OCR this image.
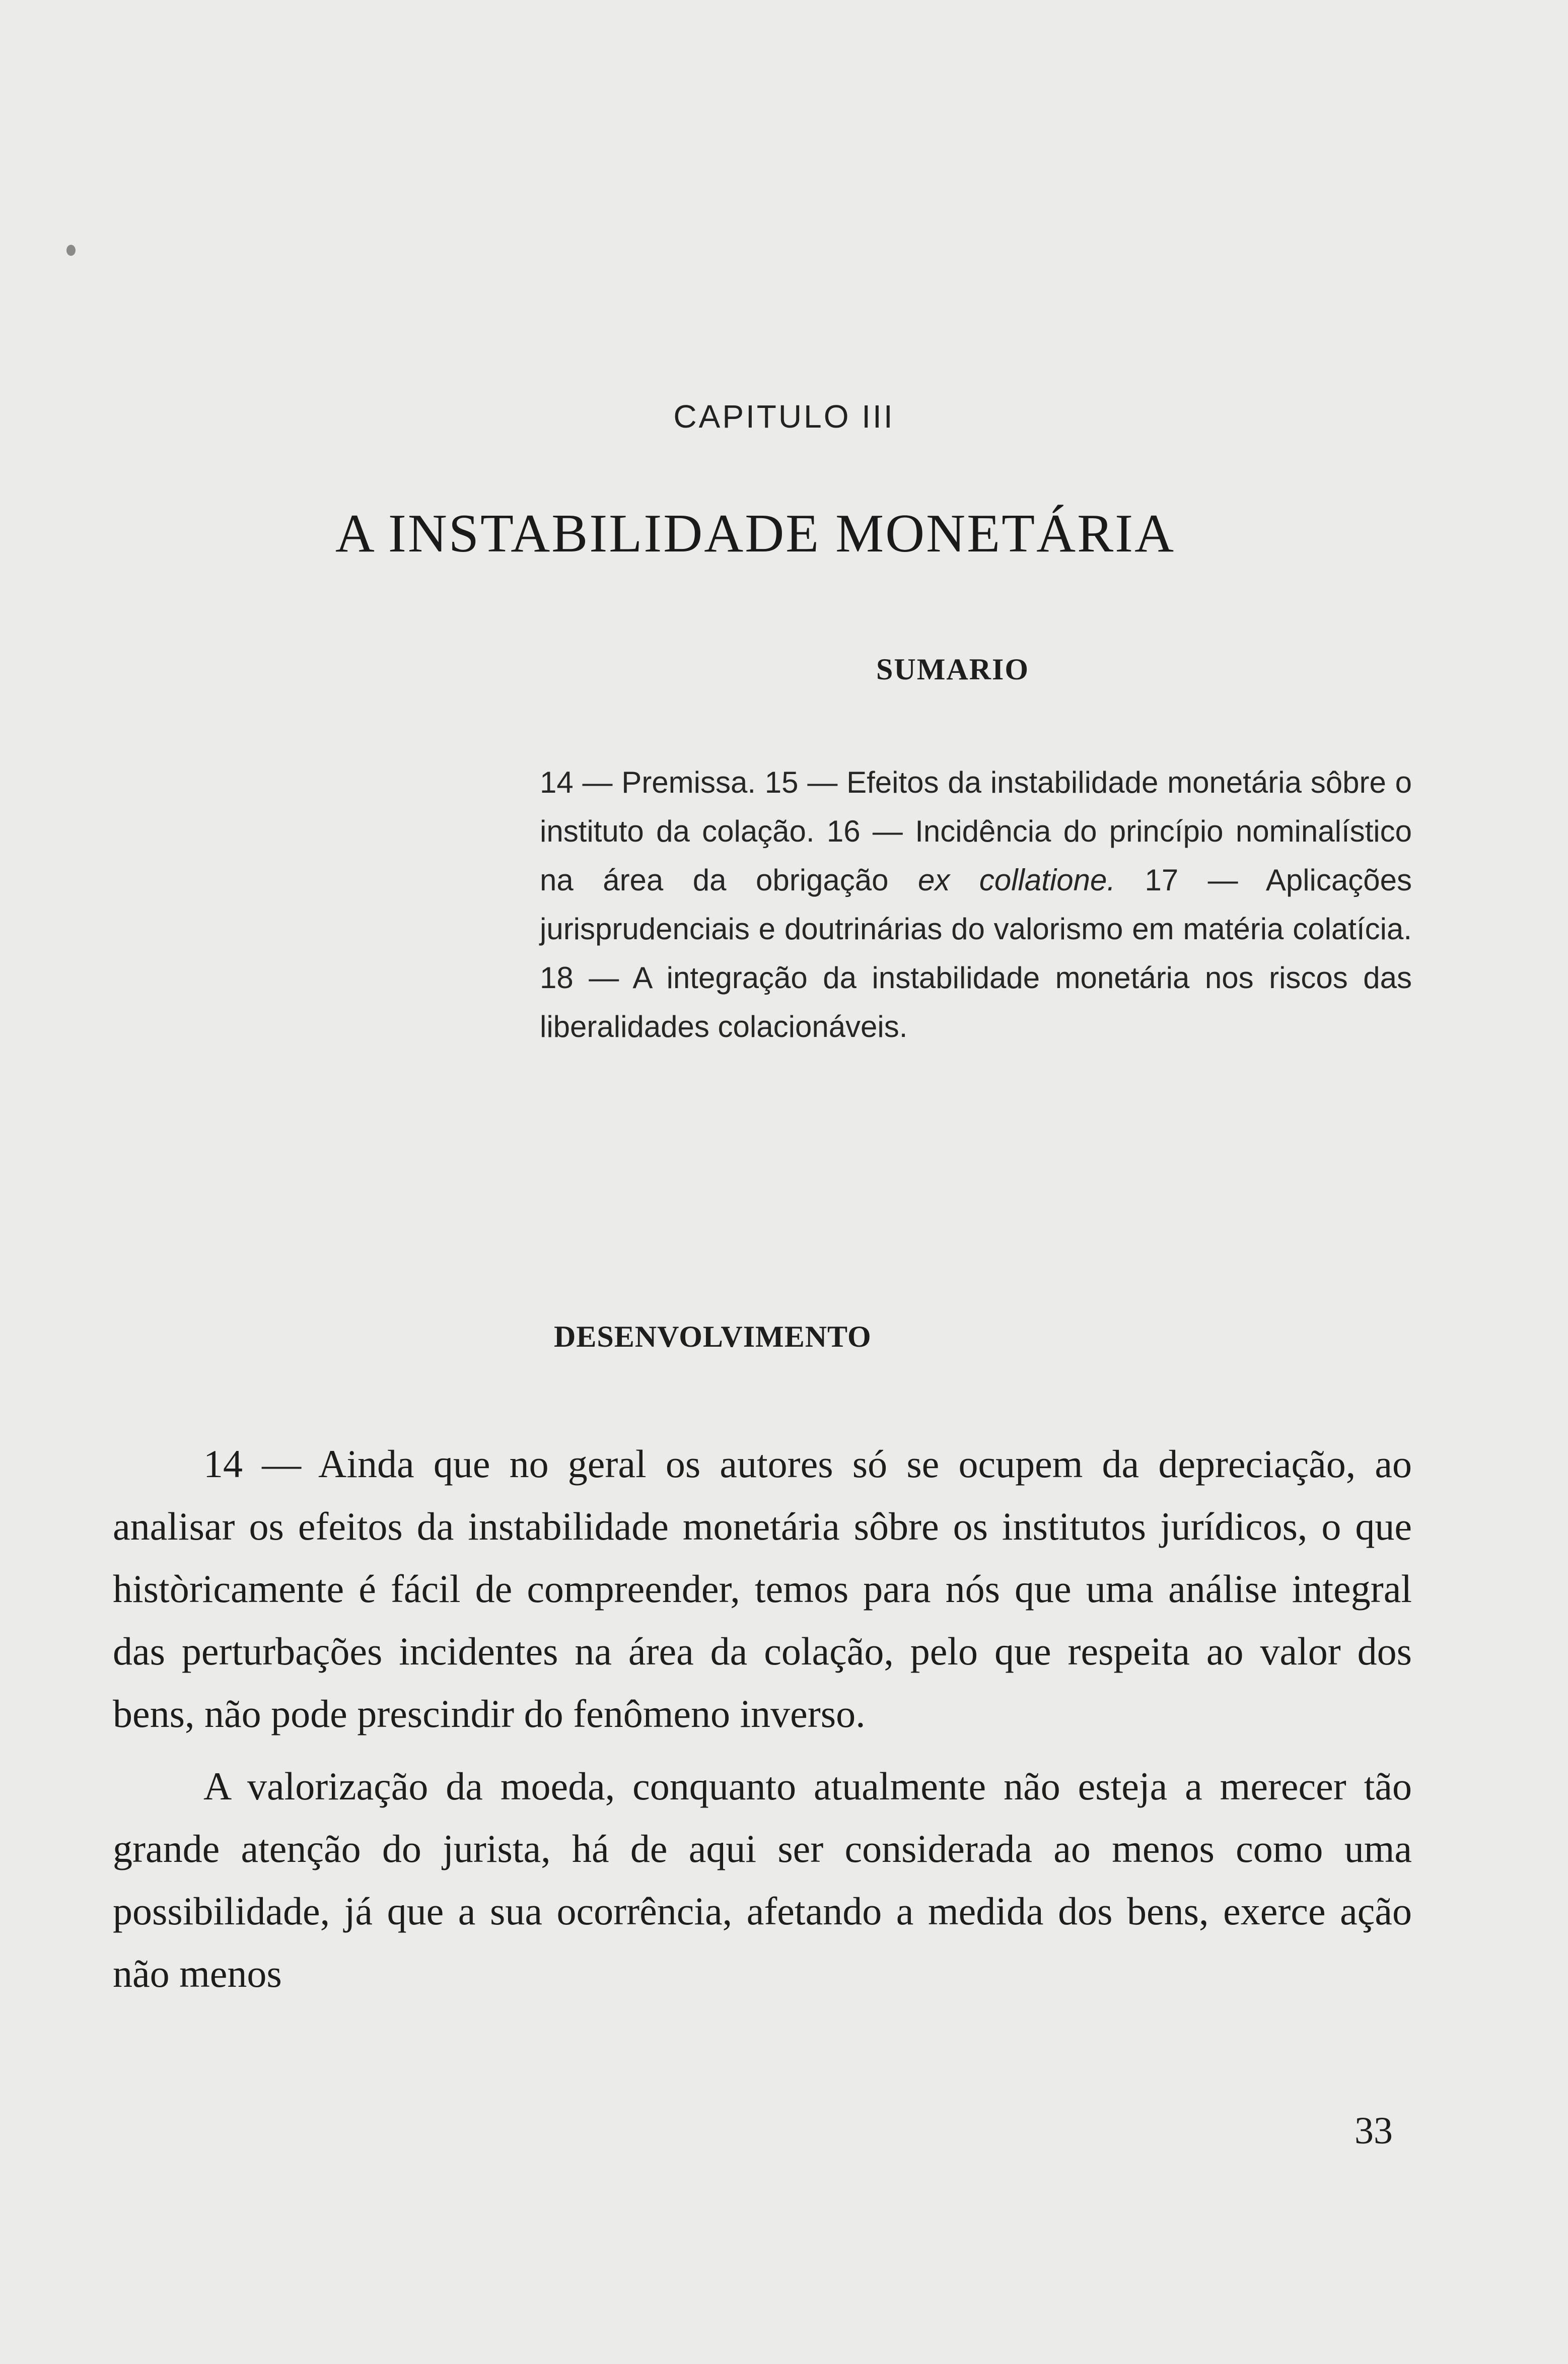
CAPITULO III
A INSTABILIDADE MONETÁRIA
SUMARIO
14 — Premissa. 15 — Efeitos da instabilidade monetária sôbre o instituto da colação. 16 — Incidência do princípio nominalístico na área da obrigação ex collatione. 17 — Aplicações jurisprudenciais e doutrinárias do valorismo em matéria colatícia. 18 — A integração da instabilidade monetária nos riscos das liberalidades colacionáveis.
DESENVOLVIMENTO

14 — Ainda que no geral os autores só se ocupem da depreciação, ao analisar os efeitos da instabilidade monetária sôbre os institutos jurídicos, o que històricamente é fácil de compreender, temos para nós que uma análise integral das perturbações incidentes na área da colação, pelo que respeita ao valor dos bens, não pode prescindir do fenômeno inverso.

A valorização da moeda, conquanto atualmente não esteja a merecer tão grande atenção do jurista, há de aqui ser considerada ao menos como uma possibilidade, já que a sua ocorrência, afetando a medida dos bens, exerce ação não menos

33
